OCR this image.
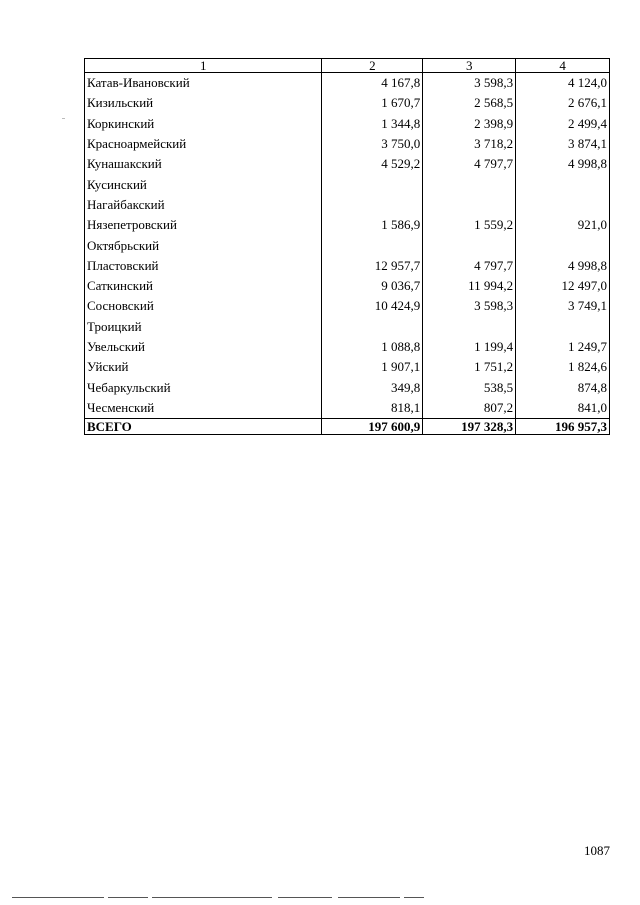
1	2	3	4
Катав-Ивановский	4 167,8	3 598,3	4 124,0
Кизильский	1 670,7	2 568,5	2 676,1
Коркинский	1 344,8	2 398,9	2 499,4
Красноармейский	3 750,0	3 718,2	3 874,1
Кунашакский	4 529,2	4 797,7	4 998,8
Кусинский			
Нагайбакский			
Нязепетровский	1 586,9	1 559,2	921,0
Октябрьский			
Пластовский	12 957,7	4 797,7	4 998,8
Саткинский	9 036,7	11 994,2	12 497,0
Сосновский	10 424,9	3 598,3	3 749,1
Троицкий			
Увельский	1 088,8	1 199,4	1 249,7
Уйский	1 907,1	1 751,2	1 824,6
Чебаркульский	349,8	538,5	874,8
Чесменский	818,1	807,2	841,0
ВСЕГО	197 600,9	197 328,3	196 957,3
1087
